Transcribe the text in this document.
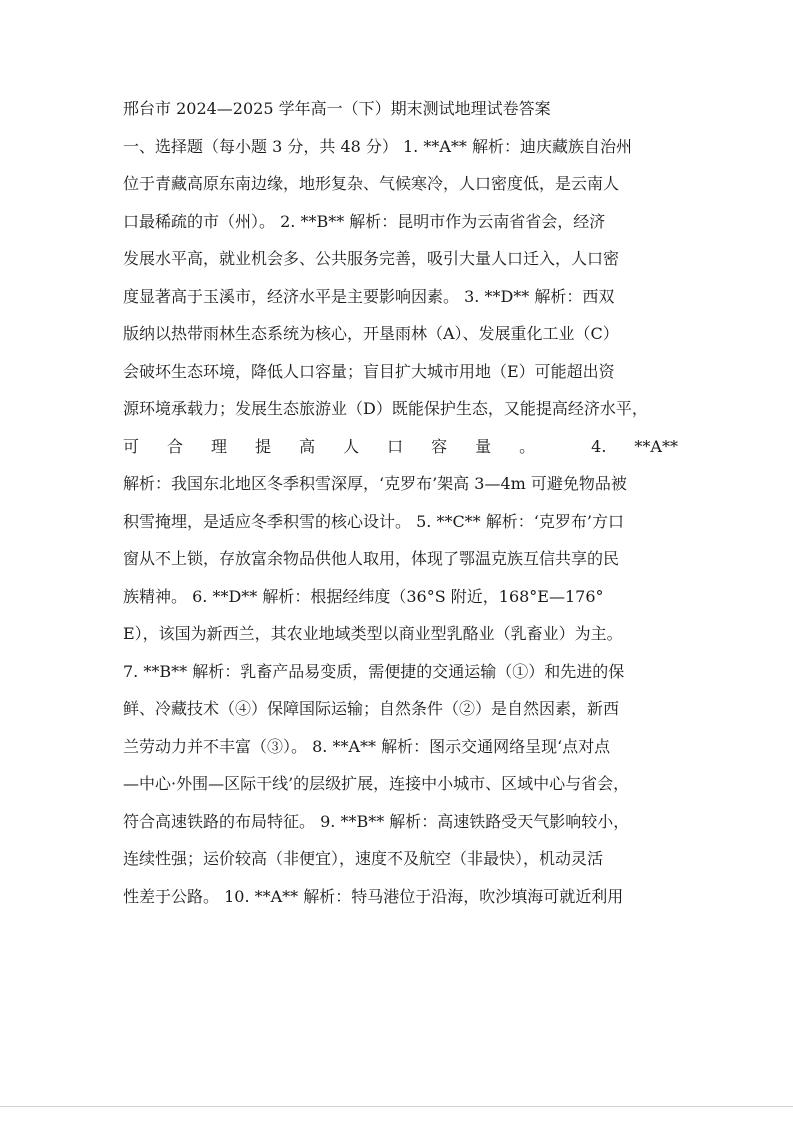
邢台市 2024—2025 学年高一（下）期末测试地理试卷答案
一、选择题（每小题 3 分，共 48 分） 1. **A** 解析：迪庆藏族自治州
位于青藏高原东南边缘，地形复杂、气候寒冷，人口密度低，是云南人
口最稀疏的市（州）。 2. **B** 解析：昆明市作为云南省省会，经济
发展水平高，就业机会多、公共服务完善，吸引大量人口迁入，人口密
度显著高于玉溪市，经济水平是主要影响因素。 3. **D** 解析：西双
版纳以热带雨林生态系统为核心，开垦雨林（A）、发展重化工业（C）
会破坏生态环境，降低人口容量；盲目扩大城市用地（E）可能超出资
源环境承载力；发展生态旅游业（D）既能保护生态，又能提高经济水平，
可 合 理 提 高 人 口 容 量 。	4. **A**
解析：我国东北地区冬季积雪深厚，‘克罗布’架高 3—4m 可避免物品被
积雪掩埋，是适应冬季积雪的核心设计。 5. **C** 解析：‘克罗布’方口
窗从不上锁，存放富余物品供他人取用，体现了鄂温克族互信共享的民
族精神。 6. **D** 解析：根据经纬度（36°S 附近，168°E—176°
E），该国为新西兰，其农业地域类型以商业型乳酪业（乳畜业）为主。
7. **B** 解析：乳畜产品易变质，需便捷的交通运输（①）和先进的保
鲜、冷藏技术（④）保障国际运输；自然条件（②）是自然因素，新西
兰劳动力并不丰富（③）。 8. **A** 解析：图示交通网络呈现‘点对点
—中心·外围—区际干线’的层级扩展，连接中小城市、区域中心与省会，
符合高速铁路的布局特征。 9. **B** 解析：高速铁路受天气影响较小，
连续性强；运价较高（非便宜），速度不及航空（非最快），机动灵活
性差于公路。 10. **A** 解析：特马港位于沿海，吹沙填海可就近利用
